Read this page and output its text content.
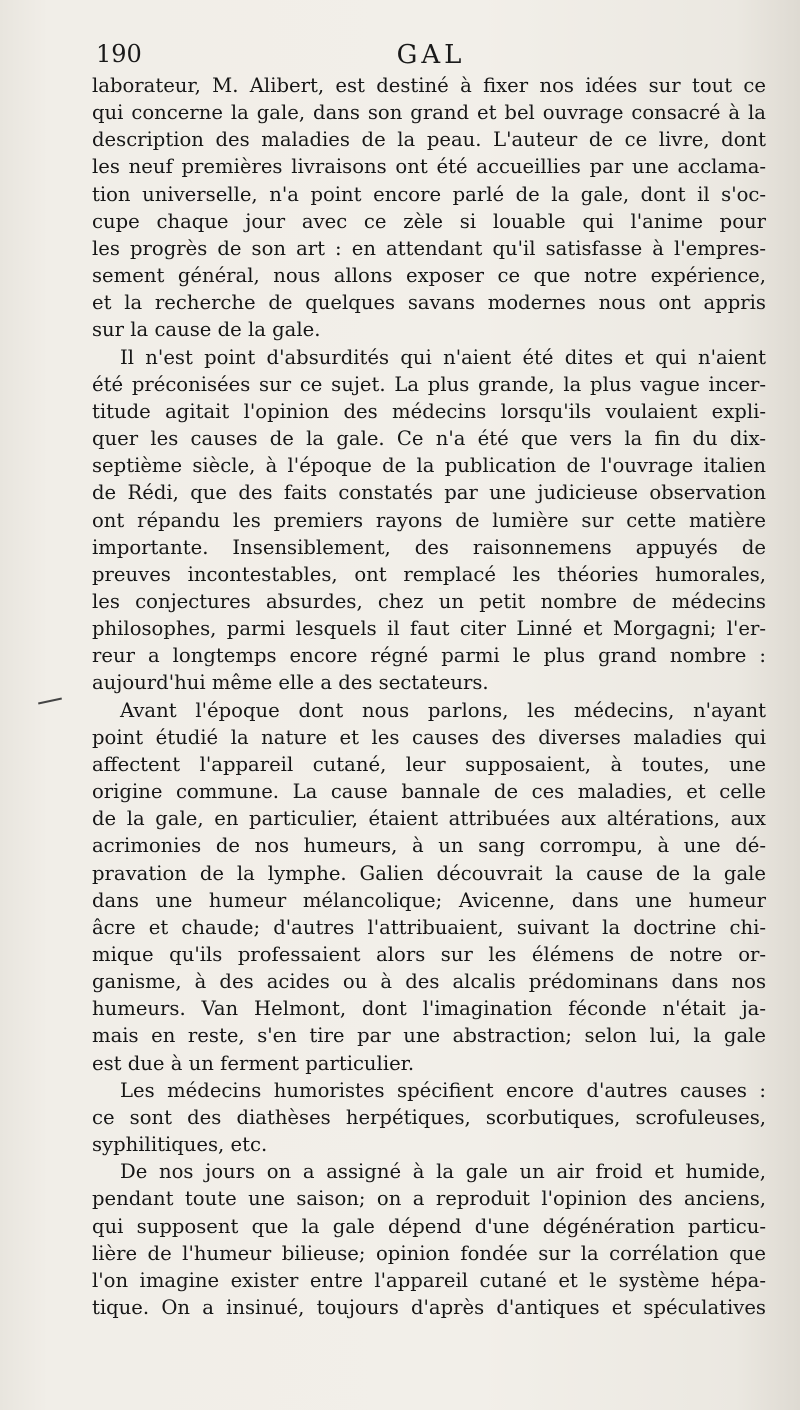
190	GAL

laborateur, M. Alibert, est destiné à fixer nos idées sur tout ce
qui concerne la gale, dans son grand et bel ouvrage consacré à la
description des maladies de la peau. L'auteur de ce livre, dont
les neuf premières livraisons ont été accueillies par une acclama-
tion universelle, n'a point encore parlé de la gale, dont il s'oc-
cupe chaque jour avec ce zèle si louable qui l'anime pour
les progrès de son art : en attendant qu'il satisfasse à l'empres-
sement général, nous allons exposer ce que notre expérience,
et la recherche de quelques savans modernes nous ont appris
sur la cause de la gale.

Il n'est point d'absurdités qui n'aient été dites et qui n'aient
été préconisées sur ce sujet. La plus grande, la plus vague incer-
titude agitait l'opinion des médecins lorsqu'ils voulaient expli-
quer les causes de la gale. Ce n'a été que vers la fin du dix-
septième siècle, à l'époque de la publication de l'ouvrage italien
de Rédi, que des faits constatés par une judicieuse observation
ont répandu les premiers rayons de lumière sur cette matière
importante. Insensiblement, des raisonnemens appuyés de
preuves incontestables, ont remplacé les théories humorales,
les conjectures absurdes, chez un petit nombre de médecins
philosophes, parmi lesquels il faut citer Linné et Morgagni; l'er-
reur a longtemps encore régné parmi le plus grand nombre :
aujourd'hui même elle a des sectateurs.

Avant l'époque dont nous parlons, les médecins, n'ayant
point étudié la nature et les causes des diverses maladies qui
affectent l'appareil cutané, leur supposaient, à toutes, une
origine commune. La cause bannale de ces maladies, et celle
de la gale, en particulier, étaient attribuées aux altérations, aux
acrimonies de nos humeurs, à un sang corrompu, à une dé-
pravation de la lymphe. Galien découvrait la cause de la gale
dans une humeur mélancolique; Avicenne, dans une humeur
âcre et chaude; d'autres l'attribuaient, suivant la doctrine chi-
mique qu'ils professaient alors sur les élémens de notre or-
ganisme, à des acides ou à des alcalis prédominans dans nos
humeurs. Van Helmont, dont l'imagination féconde n'était ja-
mais en reste, s'en tire par une abstraction; selon lui, la gale
est due à un ferment particulier.

Les médecins humoristes spécifient encore d'autres causes :
ce sont des diathèses herpétiques, scorbutiques, scrofuleuses,
syphilitiques, etc.

De nos jours on a assigné à la gale un air froid et humide,
pendant toute une saison; on a reproduit l'opinion des anciens,
qui supposent que la gale dépend d'une dégénération particu-
lière de l'humeur bilieuse; opinion fondée sur la corrélation que
l'on imagine exister entre l'appareil cutané et le système hépa-
tique. On a insinué, toujours d'après d'antiques et spéculatives
